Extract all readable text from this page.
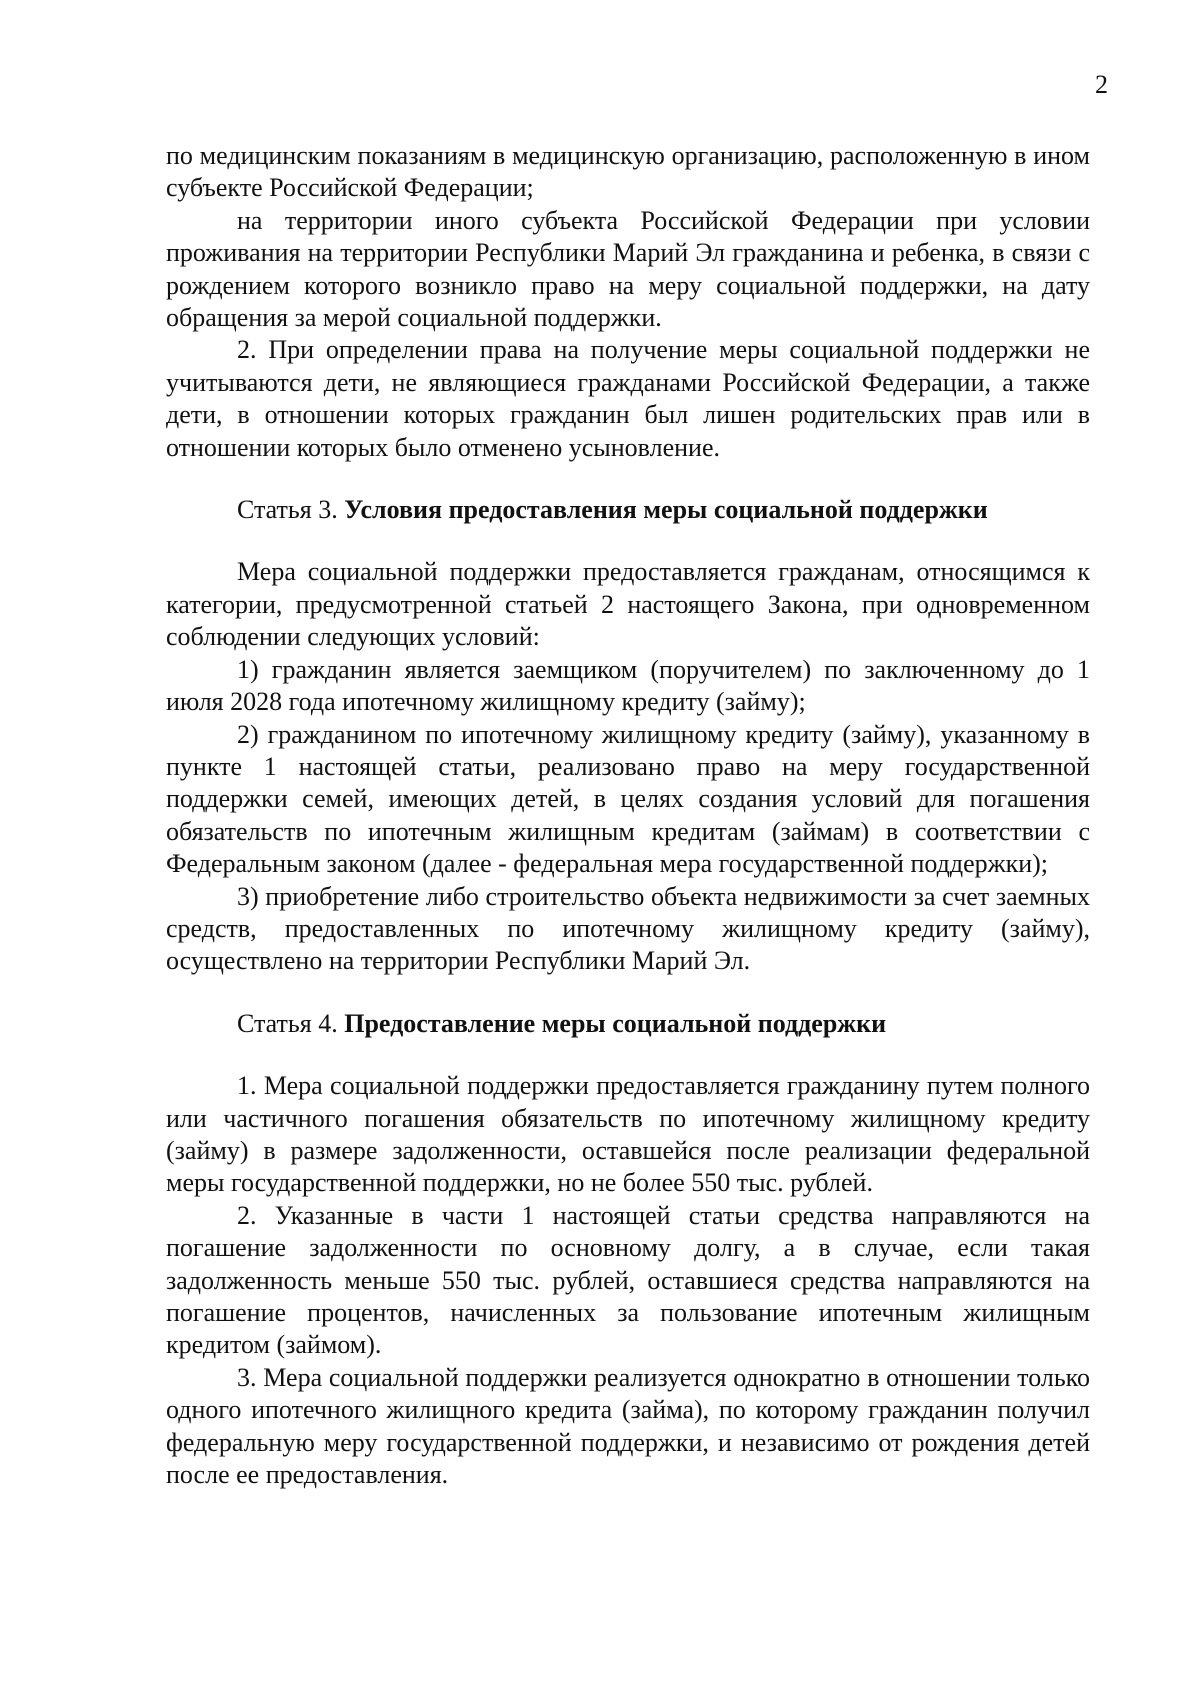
2

по медицинским показаниям в медицинскую организацию, расположенную в ином субъекте Российской Федерации;

на территории иного субъекта Российской Федерации при условии проживания на территории Республики Марий Эл гражданина и ребенка, в связи с рождением которого возникло право на меру социальной поддержки, на дату обращения за мерой социальной поддержки.

2. При определении права на получение меры социальной поддержки не учитываются дети, не являющиеся гражданами Российской Федерации, а также дети, в отношении которых гражданин был лишен родительских прав или в отношении которых было отменено усыновление.

Статья 3. Условия предоставления меры социальной поддержки

Мера социальной поддержки предоставляется гражданам, относящимся к категории, предусмотренной статьей 2 настоящего Закона, при одновременном соблюдении следующих условий:

1) гражданин является заемщиком (поручителем) по заключенному до 1 июля 2028 года ипотечному жилищному кредиту (займу);

2) гражданином по ипотечному жилищному кредиту (займу), указанному в пункте 1 настоящей статьи, реализовано право на меру государственной поддержки семей, имеющих детей, в целях создания условий для погашения обязательств по ипотечным жилищным кредитам (займам) в соответствии с Федеральным законом (далее - федеральная мера государственной поддержки);

3) приобретение либо строительство объекта недвижимости за счет заемных средств, предоставленных по ипотечному жилищному кредиту (займу), осуществлено на территории Республики Марий Эл.

Статья 4. Предоставление меры социальной поддержки

1. Мера социальной поддержки предоставляется гражданину путем полного или частичного погашения обязательств по ипотечному жилищному кредиту (займу) в размере задолженности, оставшейся после реализации федеральной меры государственной поддержки, но не более 550 тыс. рублей.

2. Указанные в части 1 настоящей статьи средства направляются на погашение задолженности по основному долгу, а в случае, если такая задолженность меньше 550 тыс. рублей, оставшиеся средства направляются на погашение процентов, начисленных за пользование ипотечным жилищным кредитом (займом).

3. Мера социальной поддержки реализуется однократно в отношении только одного ипотечного жилищного кредита (займа), по которому гражданин получил федеральную меру государственной поддержки, и независимо от рождения детей после ее предоставления.
